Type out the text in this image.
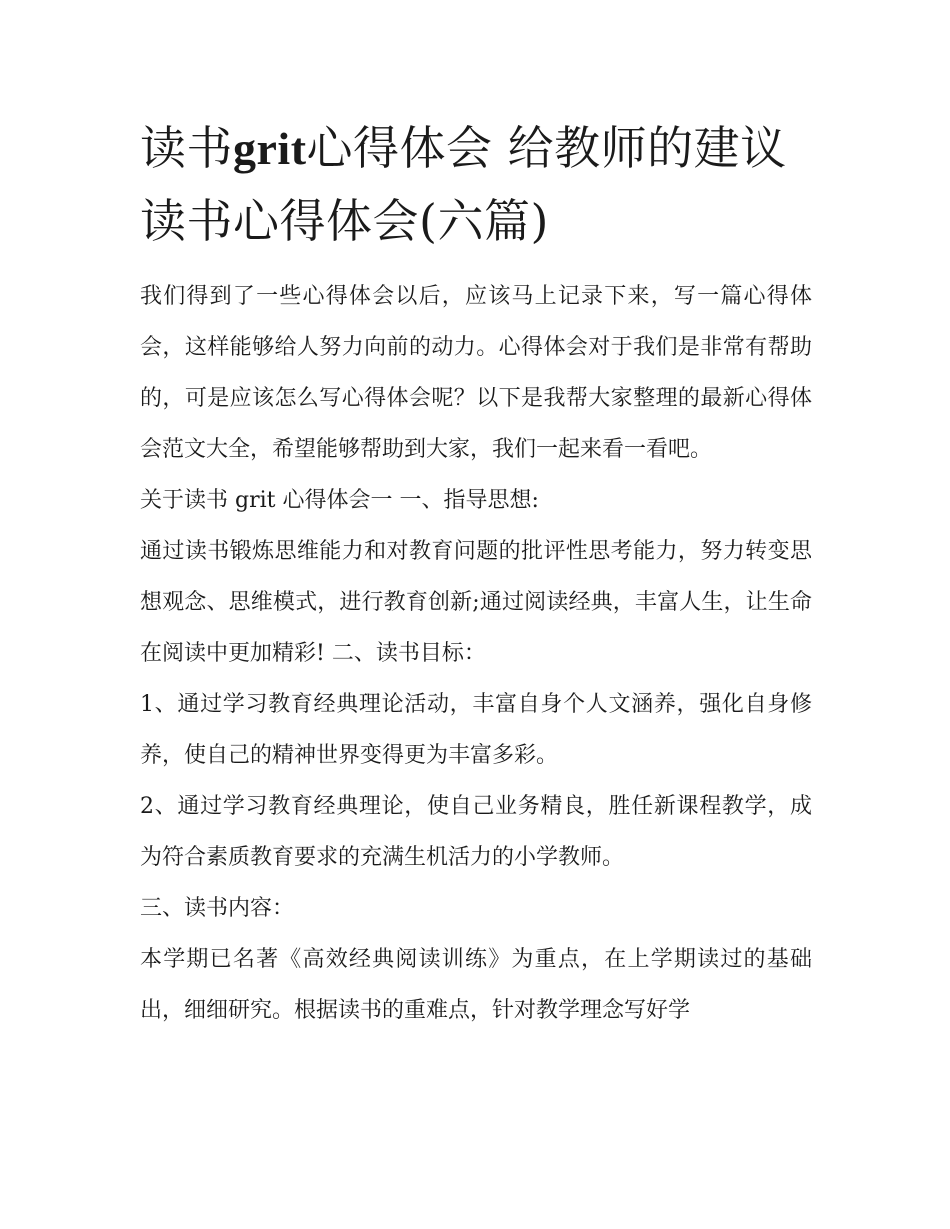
读书grit心得体会 给教师的建议读书心得体会(六篇)

我们得到了一些心得体会以后，应该马上记录下来，写一篇心得体会，这样能够给人努力向前的动力。心得体会对于我们是非常有帮助的，可是应该怎么写心得体会呢？以下是我帮大家整理的最新心得体会范文大全，希望能够帮助到大家，我们一起来看一看吧。

关于读书 grit 心得体会一 一、指导思想:

通过读书锻炼思维能力和对教育问题的批评性思考能力，努力转变思想观念、思维模式，进行教育创新;通过阅读经典，丰富人生，让生命在阅读中更加精彩! 二、读书目标：

1、通过学习教育经典理论活动，丰富自身个人文涵养，强化自身修养，使自己的精神世界变得更为丰富多彩。

2、通过学习教育经典理论，使自己业务精良，胜任新课程教学，成为符合素质教育要求的充满生机活力的小学教师。

三、读书内容：

本学期已名著《高效经典阅读训练》为重点，在上学期读过的基础出，细细研究。根据读书的重难点，针对教学理念写好学
